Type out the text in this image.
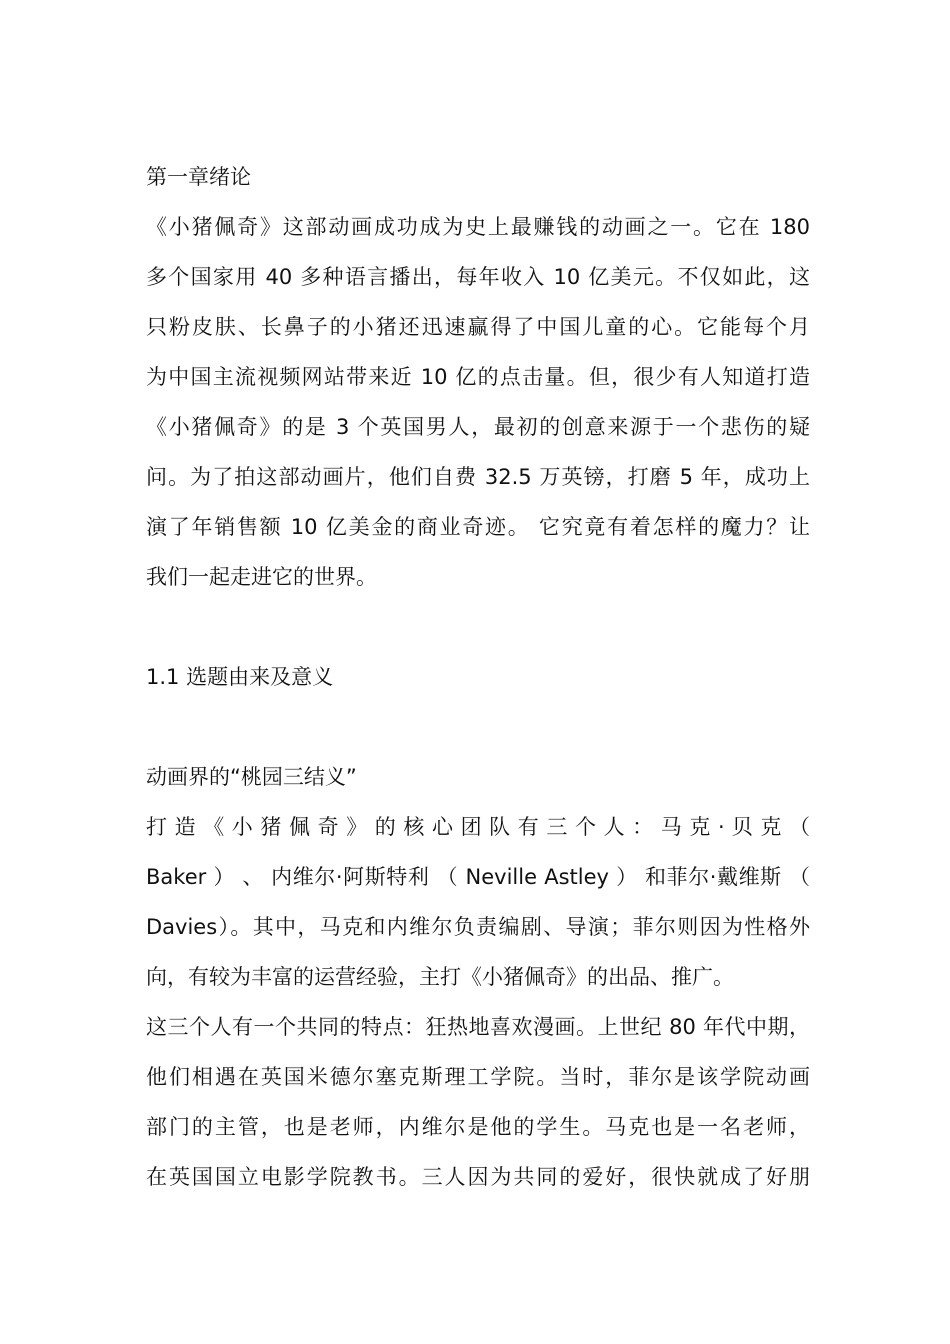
第一章绪论
《小猪佩奇》这部动画成功成为史上最赚钱的动画之一。它在 180
多个国家用 40 多种语言播出，每年收入 10 亿美元。不仅如此，这
只粉皮肤、长鼻子的小猪还迅速赢得了中国儿童的心。它能每个月
为中国主流视频网站带来近 10 亿的点击量。但，很少有人知道打造
《小猪佩奇》的是 3 个英国男人，最初的创意来源于一个悲伤的疑
问。为了拍这部动画片，他们自费 32.5 万英镑，打磨 5 年，成功上
演了年销售额 10 亿美金的商业奇迹。 它究竟有着怎样的魔力？让
我们一起走进它的世界。
1.1 选题由来及意义
动画界的“桃园三结义”
打 造 《 小 猪 佩 奇 》 的 核 心 团 队 有 三 个 人 ： 马 克 · 贝 克 （
Baker ） 、 内维尔·阿斯特利 （ Neville Astley ） 和菲尔·戴维斯 （
Davies）。其中，马克和内维尔负责编剧、导演；菲尔则因为性格外
向，有较为丰富的运营经验，主打《小猪佩奇》的出品、推广。
这三个人有一个共同的特点：狂热地喜欢漫画。上世纪 80 年代中期，
他们相遇在英国米德尔塞克斯理工学院。当时，菲尔是该学院动画
部门的主管，也是老师，内维尔是他的学生。马克也是一名老师，
在英国国立电影学院教书。三人因为共同的爱好，很快就成了好朋
